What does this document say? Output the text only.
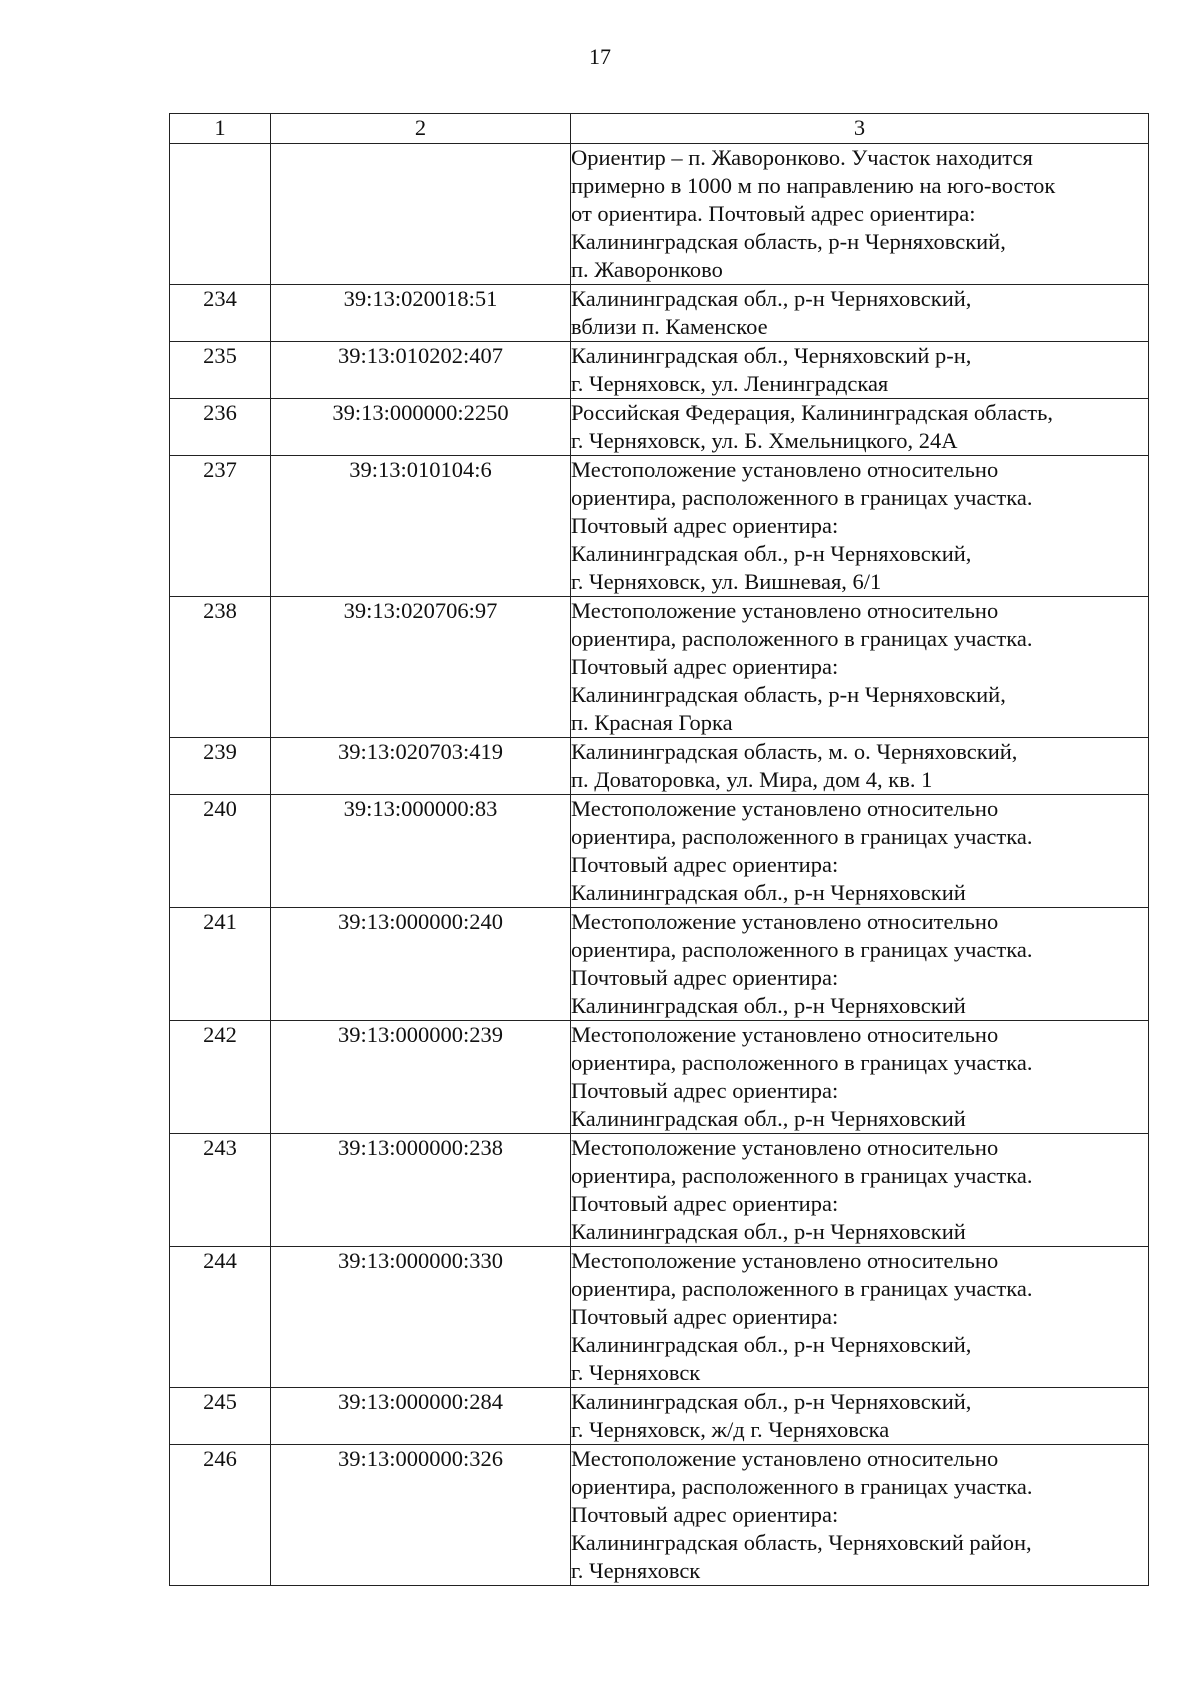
17
1	2	3

		Ориентир – п. Жаворонково. Участок находится
примерно в 1000 м по направлению на юго-восток
от ориентира. Почтовый адрес ориентира:
Калининградская область, р-н Черняховский,
п. Жаворонково

234	39:13:020018:51	Калининградская обл., р-н Черняховский,
вблизи п. Каменское

235	39:13:010202:407	Калининградская обл., Черняховский р-н,
г. Черняховск, ул. Ленинградская

236	39:13:000000:2250	Российская Федерация, Калининградская область,
г. Черняховск, ул. Б. Хмельницкого, 24А

237	39:13:010104:6	Местоположение установлено относительно
ориентира, расположенного в границах участка.
Почтовый адрес ориентира:
Калининградская обл., р-н Черняховский,
г. Черняховск, ул. Вишневая, 6/1

238	39:13:020706:97	Местоположение установлено относительно
ориентира, расположенного в границах участка.
Почтовый адрес ориентира:
Калининградская область, р-н Черняховский,
п. Красная Горка

239	39:13:020703:419	Калининградская область, м. о. Черняховский,
п. Доваторовка, ул. Мира, дом 4, кв. 1

240	39:13:000000:83	Местоположение установлено относительно
ориентира, расположенного в границах участка.
Почтовый адрес ориентира:
Калининградская обл., р-н Черняховский

241	39:13:000000:240	Местоположение установлено относительно
ориентира, расположенного в границах участка.
Почтовый адрес ориентира:
Калининградская обл., р-н Черняховский

242	39:13:000000:239	Местоположение установлено относительно
ориентира, расположенного в границах участка.
Почтовый адрес ориентира:
Калининградская обл., р-н Черняховский

243	39:13:000000:238	Местоположение установлено относительно
ориентира, расположенного в границах участка.
Почтовый адрес ориентира:
Калининградская обл., р-н Черняховский

244	39:13:000000:330	Местоположение установлено относительно
ориентира, расположенного в границах участка.
Почтовый адрес ориентира:
Калининградская обл., р-н Черняховский,
г. Черняховск

245	39:13:000000:284	Калининградская обл., р-н Черняховский,
г. Черняховск, ж/д г. Черняховска

246	39:13:000000:326	Местоположение установлено относительно
ориентира, расположенного в границах участка.
Почтовый адрес ориентира:
Калининградская область, Черняховский район,
г. Черняховск
